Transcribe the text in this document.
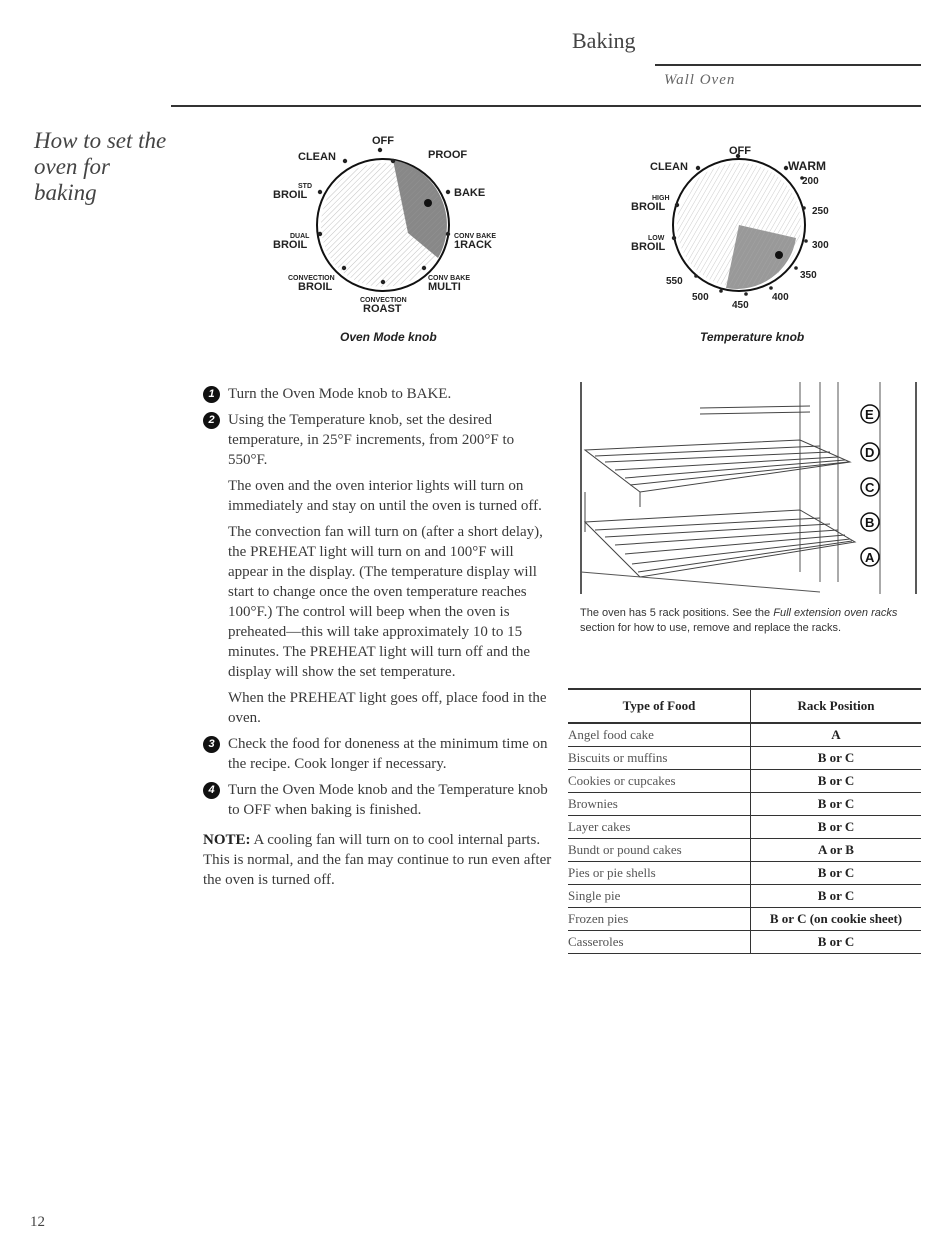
Baking
Wall Oven
How to set the oven for baking
OFF
CLEAN	PROOF
STD
BROIL	BAKE
DUAL
BROIL
CONV BAKE
1RACK
CONVECTION
BROIL
CONV BAKE
MULTI
CONVECTION
ROAST
Oven Mode knob
OFF
CLEAN	WARM
200
HIGH
BROIL	250
LOW
BROIL	300
350
550
500
450
400
Temperature knob
1 Turn the Oven Mode knob to BAKE.
2 Using the Temperature knob, set the desired temperature, in 25°F increments, from 200°F to 550°F.
The oven and the oven interior lights will turn on immediately and stay on until the oven is turned off.
The convection fan will turn on (after a short delay), the PREHEAT light will turn on and 100°F will appear in the display. (The temperature display will start to change once the oven temperature reaches 100°F.) The control will beep when the oven is preheated—this will take approximately 10 to 15 minutes. The PREHEAT light will turn off and the display will show the set temperature.
When the PREHEAT light goes off, place food in the oven.
3 Check the food for doneness at the minimum time on the recipe. Cook longer if necessary.
4 Turn the Oven Mode knob and the Temperature knob to OFF when baking is finished.
NOTE: A cooling fan will turn on to cool internal parts. This is normal, and the fan may continue to run even after the oven is turned off.
E
D
C
B
A
The oven has 5 rack positions. See the Full extension oven racks section for how to use, remove and replace the racks.
Type of Food	Rack Position
Angel food cake	A
Biscuits or muffins	B or C
Cookies or cupcakes	B or C
Brownies	B or C
Layer cakes	B or C
Bundt or pound cakes	A or B
Pies or pie shells	B or C
Single pie	B or C
Frozen pies	B or C (on cookie sheet)
Casseroles	B or C
12
